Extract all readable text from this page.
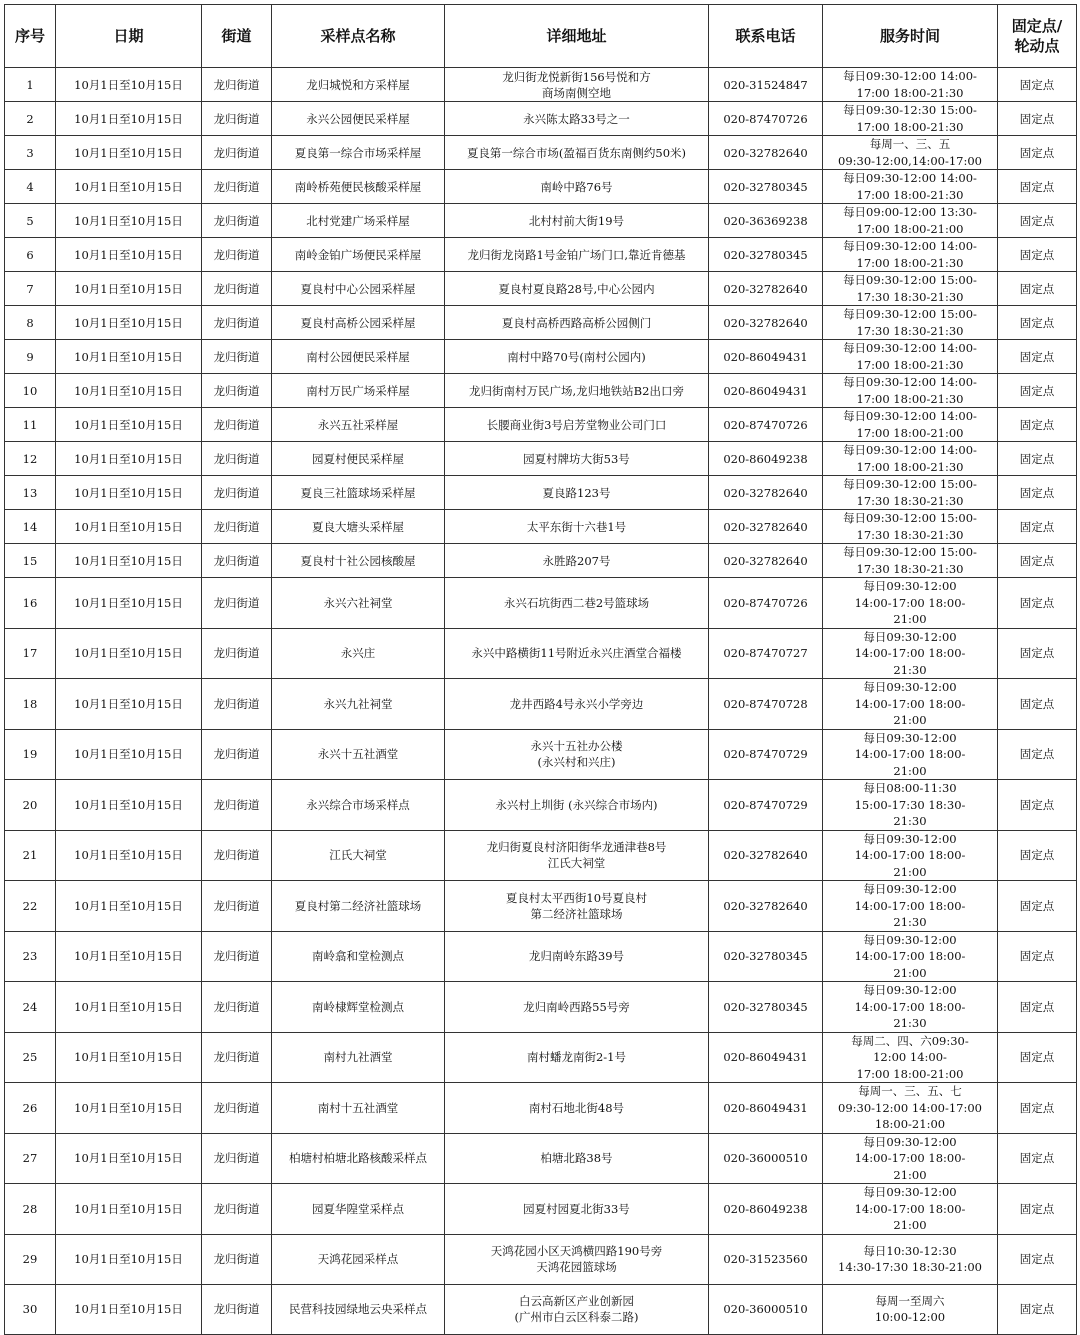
序号	日期	街道	采样点名称	详细地址	联系电话	服务时间	固定点/
轮动点
1	10月1日至10月15日	龙归街道	龙归城悦和方采样屋	龙归街龙悦新街156号悦和方
商场南侧空地	020-31524847	每日09:30-12:00 14:00-
17:00 18:00-21:30	固定点
2	10月1日至10月15日	龙归街道	永兴公园便民采样屋	永兴陈太路33号之一	020-87470726	每日09:30-12:30 15:00-
17:00 18:00-21:30	固定点
3	10月1日至10月15日	龙归街道	夏良第一综合市场采样屋	夏良第一综合市场(盈福百货东南侧约50米)	020-32782640	每周一、三、五
09:30-12:00,14:00-17:00	固定点
4	10月1日至10月15日	龙归街道	南岭桥苑便民核酸采样屋	南岭中路76号	020-32780345	每日09:30-12:00 14:00-
17:00 18:00-21:30	固定点
5	10月1日至10月15日	龙归街道	北村党建广场采样屋	北村村前大街19号	020-36369238	每日09:00-12:00 13:30-
17:00 18:00-21:00	固定点
6	10月1日至10月15日	龙归街道	南岭金铂广场便民采样屋	龙归街龙岗路1号金铂广场门口,靠近肯德基	020-32780345	每日09:30-12:00 14:00-
17:00 18:00-21:30	固定点
7	10月1日至10月15日	龙归街道	夏良村中心公园采样屋	夏良村夏良路28号,中心公园内	020-32782640	每日09:30-12:00 15:00-
17:30 18:30-21:30	固定点
8	10月1日至10月15日	龙归街道	夏良村高桥公园采样屋	夏良村高桥西路高桥公园侧门	020-32782640	每日09:30-12:00 15:00-
17:30 18:30-21:30	固定点
9	10月1日至10月15日	龙归街道	南村公园便民采样屋	南村中路70号(南村公园内)	020-86049431	每日09:30-12:00 14:00-
17:00 18:00-21:30	固定点
10	10月1日至10月15日	龙归街道	南村万民广场采样屋	龙归街南村万民广场,龙归地铁站B2出口旁	020-86049431	每日09:30-12:00 14:00-
17:00 18:00-21:30	固定点
11	10月1日至10月15日	龙归街道	永兴五社采样屋	长腰商业街3号启芳堂物业公司门口	020-87470726	每日09:30-12:00 14:00-
17:00 18:00-21:00	固定点
12	10月1日至10月15日	龙归街道	园夏村便民采样屋	园夏村牌坊大街53号	020-86049238	每日09:30-12:00 14:00-
17:00 18:00-21:30	固定点
13	10月1日至10月15日	龙归街道	夏良三社篮球场采样屋	夏良路123号	020-32782640	每日09:30-12:00 15:00-
17:30 18:30-21:30	固定点
14	10月1日至10月15日	龙归街道	夏良大塘头采样屋	太平东街十六巷1号	020-32782640	每日09:30-12:00 15:00-
17:30 18:30-21:30	固定点
15	10月1日至10月15日	龙归街道	夏良村十社公园核酸屋	永胜路207号	020-32782640	每日09:30-12:00 15:00-
17:30 18:30-21:30	固定点
16	10月1日至10月15日	龙归街道	永兴六社祠堂	永兴石坑街西二巷2号篮球场	020-87470726	每日09:30-12:00
14:00-17:00 18:00-
21:00	固定点
17	10月1日至10月15日	龙归街道	永兴庄	永兴中路横街11号附近永兴庄酒堂合福楼	020-87470727	每日09:30-12:00
14:00-17:00 18:00-
21:30	固定点
18	10月1日至10月15日	龙归街道	永兴九社祠堂	龙井西路4号永兴小学旁边	020-87470728	每日09:30-12:00
14:00-17:00 18:00-
21:00	固定点
19	10月1日至10月15日	龙归街道	永兴十五社酒堂	永兴十五社办公楼
(永兴村和兴庄)	020-87470729	每日09:30-12:00
14:00-17:00 18:00-
21:00	固定点
20	10月1日至10月15日	龙归街道	永兴综合市场采样点	永兴村上圳街 (永兴综合市场内)	020-87470729	每日08:00-11:30
15:00-17:30 18:30-
21:30	固定点
21	10月1日至10月15日	龙归街道	江氏大祠堂	龙归街夏良村济阳街华龙通津巷8号
江氏大祠堂	020-32782640	每日09:30-12:00
14:00-17:00 18:00-
21:00	固定点
22	10月1日至10月15日	龙归街道	夏良村第二经济社篮球场	夏良村太平西街10号夏良村
第二经济社篮球场	020-32782640	每日09:30-12:00
14:00-17:00 18:00-
21:30	固定点
23	10月1日至10月15日	龙归街道	南岭翕和堂检测点	龙归南岭东路39号	020-32780345	每日09:30-12:00
14:00-17:00 18:00-
21:00	固定点
24	10月1日至10月15日	龙归街道	南岭棣辉堂检测点	龙归南岭西路55号旁	020-32780345	每日09:30-12:00
14:00-17:00 18:00-
21:30	固定点
25	10月1日至10月15日	龙归街道	南村九社酒堂	南村蟠龙南街2-1号	020-86049431	每周二、四、六09:30-
12:00 14:00-
17:00 18:00-21:00	固定点
26	10月1日至10月15日	龙归街道	南村十五社酒堂	南村石地北街48号	020-86049431	每周一、三、五、七
09:30-12:00 14:00-17:00
18:00-21:00	固定点
27	10月1日至10月15日	龙归街道	柏塘村柏塘北路核酸采样点	柏塘北路38号	020-36000510	每日09:30-12:00
14:00-17:00 18:00-
21:00	固定点
28	10月1日至10月15日	龙归街道	园夏华隍堂采样点	园夏村园夏北街33号	020-86049238	每日09:30-12:00
14:00-17:00 18:00-
21:00	固定点
29	10月1日至10月15日	龙归街道	天鸿花园采样点	天鸿花园小区天鸿横四路190号旁
天鸿花园篮球场	020-31523560	每日10:30-12:30
14:30-17:30 18:30-21:00	固定点
30	10月1日至10月15日	龙归街道	民营科技园绿地云央采样点	白云高新区产业创新园
(广州市白云区科泰二路)	020-36000510	每周一至周六
10:00-12:00	固定点
